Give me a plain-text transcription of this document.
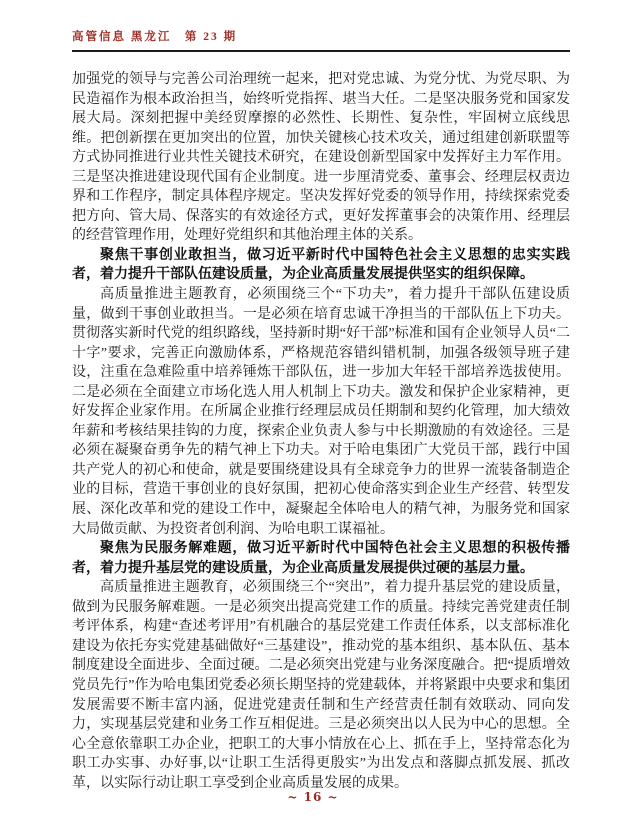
高管信息 黑龙江　第 23 期

加强党的领导与完善公司治理统一起来，把对党忠诚、为党分忧、为党尽职、为民造福作为根本政治担当，始终听党指挥、堪当大任。二是坚决服务党和国家发展大局。深刻把握中美经贸摩擦的必然性、长期性、复杂性，牢固树立底线思维。把创新摆在更加突出的位置，加快关键核心技术攻关，通过组建创新联盟等方式协同推进行业共性关键技术研究，在建设创新型国家中发挥好主力军作用。三是坚决推进建设现代国有企业制度。进一步厘清党委、董事会、经理层权责边界和工作程序，制定具体程序规定。坚决发挥好党委的领导作用，持续探索党委把方向、管大局、保落实的有效途径方式，更好发挥董事会的决策作用、经理层的经营管理作用，处理好党组织和其他治理主体的关系。

聚焦干事创业敢担当，做习近平新时代中国特色社会主义思想的忠实实践者，着力提升干部队伍建设质量，为企业高质量发展提供坚实的组织保障。

高质量推进主题教育，必须围绕三个“下功夫”，着力提升干部队伍建设质量，做到干事创业敢担当。一是必须在培育忠诚干净担当的干部队伍上下功夫。贯彻落实新时代党的组织路线，坚持新时期“好干部”标准和国有企业领导人员“二十字”要求，完善正向激励体系，严格规范容错纠错机制，加强各级领导班子建设，注重在急难险重中培养锤炼干部队伍，进一步加大年轻干部培养选拔使用。二是必须在全面建立市场化选人用人机制上下功夫。激发和保护企业家精神，更好发挥企业家作用。在所属企业推行经理层成员任期制和契约化管理，加大绩效年薪和考核结果挂钩的力度，探索企业负责人参与中长期激励的有效途径。三是必须在凝聚奋勇争先的精气神上下功夫。对于哈电集团广大党员干部，践行中国共产党人的初心和使命，就是要围绕建设具有全球竞争力的世界一流装备制造企业的目标，营造干事创业的良好氛围，把初心使命落实到企业生产经营、转型发展、深化改革和党的建设工作中，凝聚起全体哈电人的精气神，为服务党和国家大局做贡献、为投资者创利润、为哈电职工谋福祉。

聚焦为民服务解难题，做习近平新时代中国特色社会主义思想的积极传播者，着力提升基层党的建设质量，为企业高质量发展提供过硬的基层力量。

高质量推进主题教育，必须围绕三个“突出”，着力提升基层党的建设质量，做到为民服务解难题。一是必须突出提高党建工作的质量。持续完善党建责任制考评体系，构建“查述考评用”有机融合的基层党建工作责任体系，以支部标准化建设为依托夯实党建基础做好“三基建设”，推动党的基本组织、基本队伍、基本制度建设全面进步、全面过硬。二是必须突出党建与业务深度融合。把“提质增效党员先行”作为哈电集团党委必须长期坚持的党建载体，并将紧跟中央要求和集团发展需要不断丰富内涵，促进党建责任制和生产经营责任制有效联动、同向发力，实现基层党建和业务工作互相促进。三是必须突出以人民为中心的思想。全心全意依靠职工办企业，把职工的大事小情放在心上、抓在手上，坚持常态化为职工办实事、办好事,以“让职工生活得更殷实”为出发点和落脚点抓发展、抓改革，以实际行动让职工享受到企业高质量发展的成果。

~ 16 ~
